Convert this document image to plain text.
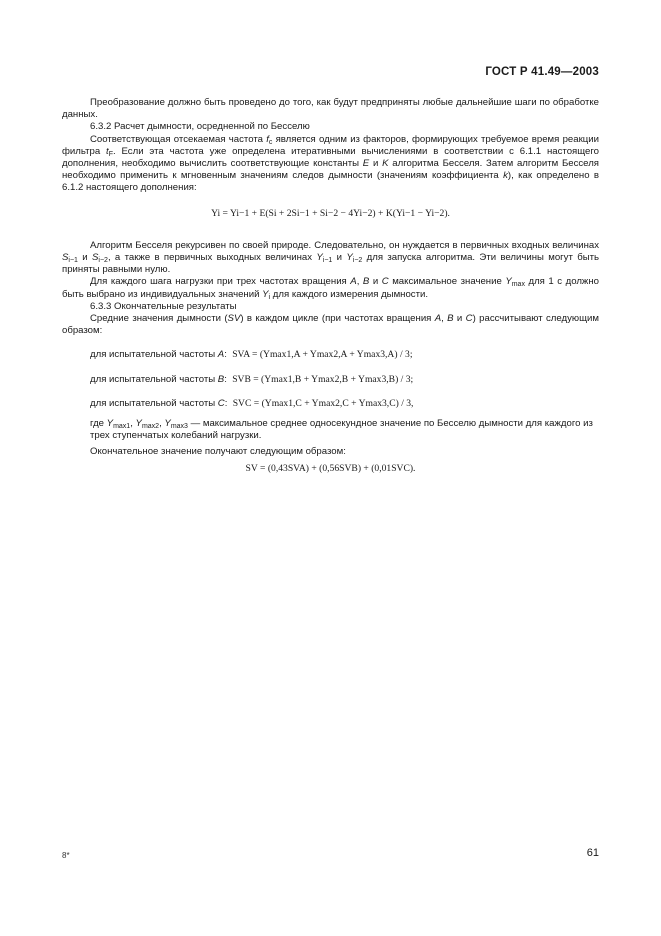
ГОСТ Р 41.49—2003

Преобразование должно быть проведено до того, как будут предприняты любые дальнейшие шаги по обработке данных.

6.3.2 Расчет дымности, осредненной по Бесселю

Соответствующая отсекаемая частота $f_c$ является одним из факторов, формирующих требуемое время реакции фильтра $t_F$. Если эта частота уже определена итеративными вычислениями в соответствии с 6.1.1 настоящего дополнения, необходимо вычислить соответствующие константы E и K алгоритма Бесселя. Затем алгоритм Бесселя необходимо применить к мгновенным значениям следов дымности (значениям коэффициента k), как определено в 6.1.2 настоящего дополнения:

Yi = Yi−1 + E(Si + 2Si−1 + Si−2 − 4Yi−2) + K(Yi−1 − Yi−2).

Алгоритм Бесселя рекурсивен по своей природе. Следовательно, он нуждается в первичных входных величинах $S_{i-1}$ и $S_{i-2}$, а также в первичных выходных величинах $Y_{i-1}$ и $Y_{i-2}$ для запуска алгоритма. Эти величины могут быть приняты равными нулю.

Для каждого шага нагрузки при трех частотах вращения A, B и C максимальное значение $Y_{max}$ для 1 с должно быть выбрано из индивидуальных значений $Y_i$ для каждого измерения дымности.

6.3.3 Окончательные результаты

Средние значения дымности (SV) в каждом цикле (при частотах вращения A, B и C) рассчитывают следующим образом:

для испытательной частоты A:  SVA = (Ymax1,A + Ymax2,A + Ymax3,A) / 3;

для испытательной частоты B:  SVB = (Ymax1,B + Ymax2,B + Ymax3,B) / 3;

для испытательной частоты C:  SVC = (Ymax1,C + Ymax2,C + Ymax3,C) / 3,

где $Y_{max1}$, $Y_{max2}$, $Y_{max3}$ — максимальное среднее односекундное значение по Бесселю дымности для каждого из трех ступенчатых колебаний нагрузки.

Окончательное значение получают следующим образом:

SV = (0,43SVA) + (0,56SVB) + (0,01SVC).
8*	61
